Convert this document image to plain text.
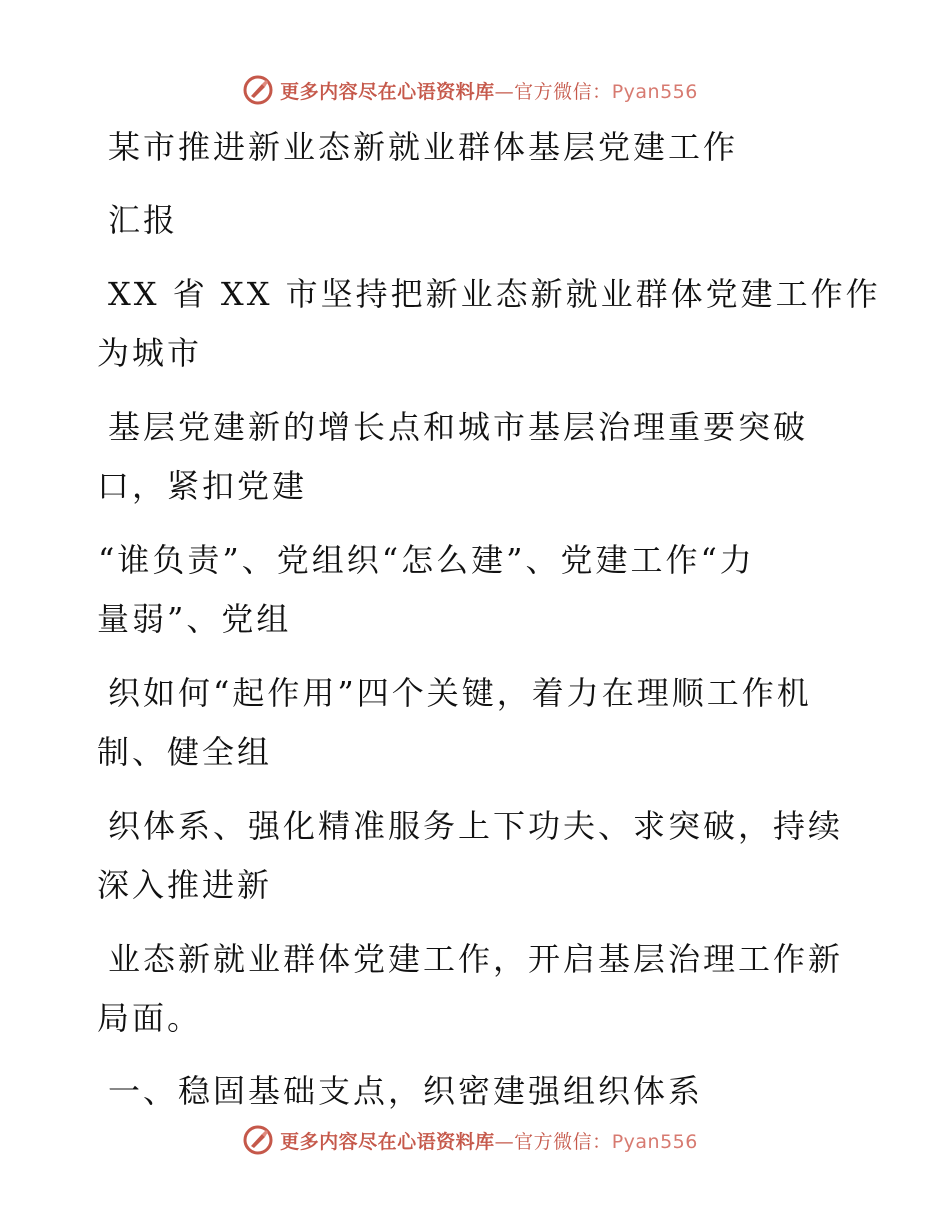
更多内容尽在心语资料库—官方微信：Pyan556
某市推进新业态新就业群体基层党建工作
汇报
XX 省 XX 市坚持把新业态新就业群体党建工作作
为城市
基层党建新的增长点和城市基层治理重要突破
口，紧扣党建
“谁负责”、党组织“怎么建”、党建工作“力
量弱”、党组
织如何“起作用”四个关键，着力在理顺工作机
制、健全组
织体系、强化精准服务上下功夫、求突破，持续
深入推进新
业态新就业群体党建工作，开启基层治理工作新
局面。
一、稳固基础支点，织密建强组织体系
更多内容尽在心语资料库—官方微信：Pyan556
